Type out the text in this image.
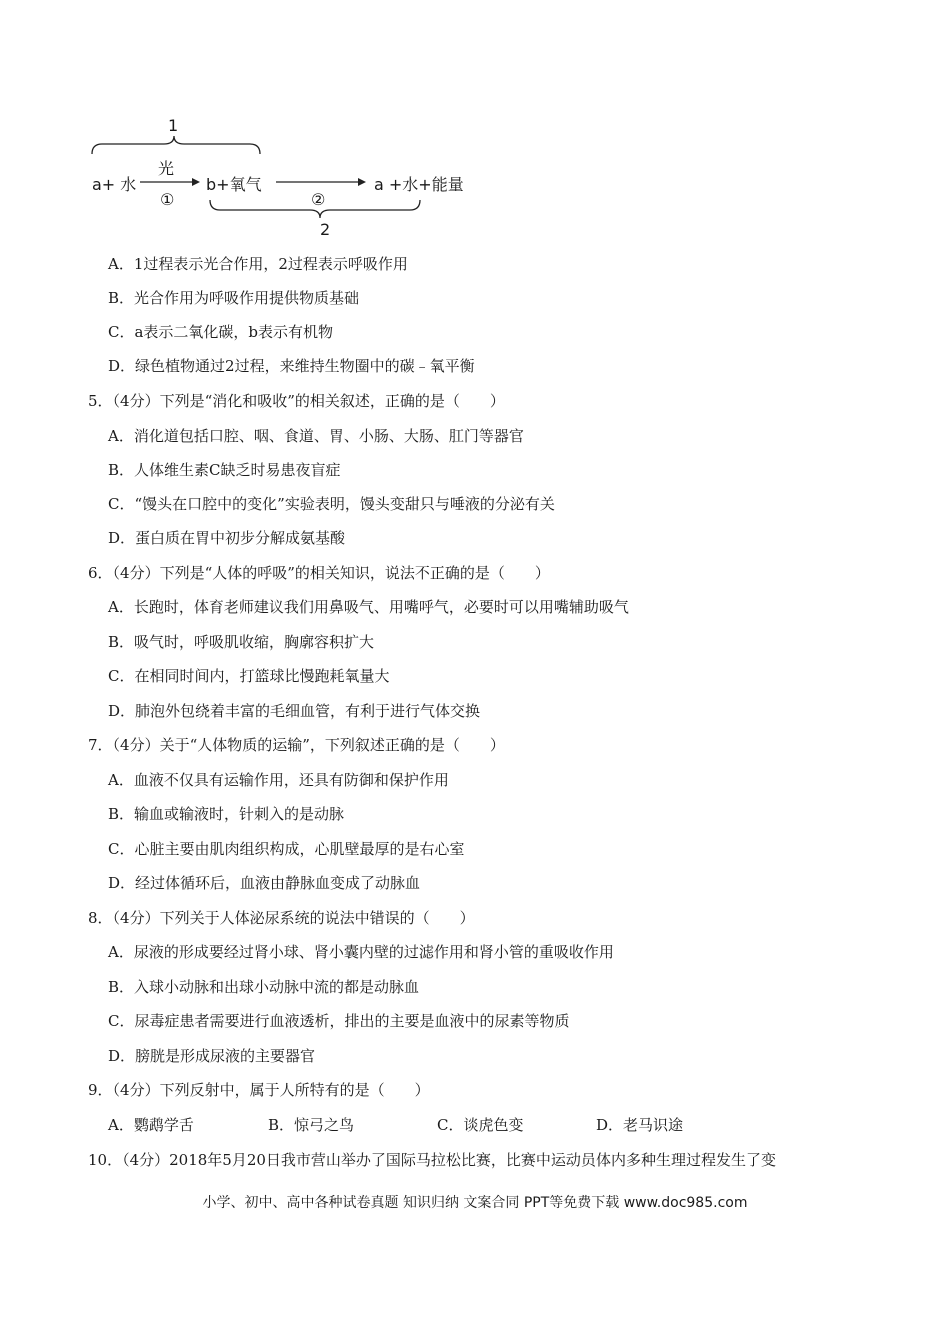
1
a+ 水
光
①
b+氧气
②
a +水+能量
2
A．1过程表示光合作用，2过程表示呼吸作用
B．光合作用为呼吸作用提供物质基础
C．a表示二氧化碳，b表示有机物
D．绿色植物通过2过程，来维持生物圈中的碳﹣氧平衡
5．（4分）下列是“消化和吸收”的相关叙述，正确的是（　　）
A．消化道包括口腔、咽、食道、胃、小肠、大肠、肛门等器官
B．人体维生素C缺乏时易患夜盲症
C．“馒头在口腔中的变化”实验表明，馒头变甜只与唾液的分泌有关
D．蛋白质在胃中初步分解成氨基酸
6．（4分）下列是“人体的呼吸”的相关知识，说法不正确的是（　　）
A．长跑时，体育老师建议我们用鼻吸气、用嘴呼气，必要时可以用嘴辅助吸气
B．吸气时，呼吸肌收缩，胸廓容积扩大
C．在相同时间内，打篮球比慢跑耗氧量大
D．肺泡外包绕着丰富的毛细血管，有利于进行气体交换
7．（4分）关于“人体物质的运输”，下列叙述正确的是（　　）
A．血液不仅具有运输作用，还具有防御和保护作用
B．输血或输液时，针刺入的是动脉
C．心脏主要由肌肉组织构成，心肌壁最厚的是右心室
D．经过体循环后，血液由静脉血变成了动脉血
8．（4分）下列关于人体泌尿系统的说法中错误的（　　）
A．尿液的形成要经过肾小球、肾小囊内壁的过滤作用和肾小管的重吸收作用
B．入球小动脉和出球小动脉中流的都是动脉血
C．尿毒症患者需要进行血液透析，排出的主要是血液中的尿素等物质
D．膀胱是形成尿液的主要器官
9．（4分）下列反射中，属于人所特有的是（　　）
A．鹦鹉学舌	B．惊弓之鸟	C．谈虎色变	D．老马识途
10．（4分）2018年5月20日我市营山举办了国际马拉松比赛，比赛中运动员体内多种生理过程发生了变
小学、初中、高中各种试卷真题 知识归纳 文案合同 PPT等免费下载 www.doc985.com
